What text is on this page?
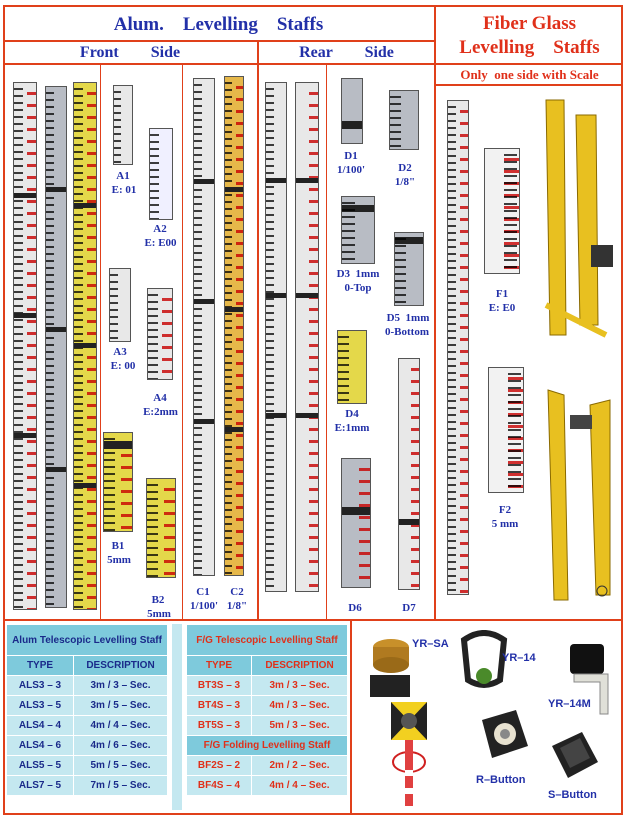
Alum.    Levelling    Staffs
Front        Side	Rear        Side
Fiber Glass
Levelling    Staffs
Only  one side with Scale
A1
E: 01
A2
E: E00
A3
E: 00
A4
E:2mm
B1
5mm
B2
5mm
C1
1/100'
C2
1/8"
D1
1/100'	D2
1/8"
D3  1mm
0-Top
D5  1mm
0-Bottom
D4
E:1mm
D6	D7
F1
E: E0
F2
5 mm
Alum Telescopic Levelling Staff	
TYPE	DESCRIPTION
ALS3 – 3	3m / 3 – Sec.
ALS3 – 5	3m / 5 – Sec.
ALS4 – 4	4m / 4 – Sec.
ALS4 – 6	4m / 6 – Sec.
ALS5 – 5	5m / 5 – Sec.
ALS7 – 5	7m / 5 – Sec.
F/G Telescopic Levelling Staff	
TYPE	DESCRIPTION
BT3S – 3	3m / 3 – Sec.
BT4S – 3	4m / 3 – Sec.
BT5S – 3	5m / 3 – Sec.
F/G Folding Levelling Staff	
BF2S – 2	2m / 2 – Sec.
BF4S – 4	4m / 4 – Sec.
YR–SA
YR–14
YR–14M
R–Button
S–Button
